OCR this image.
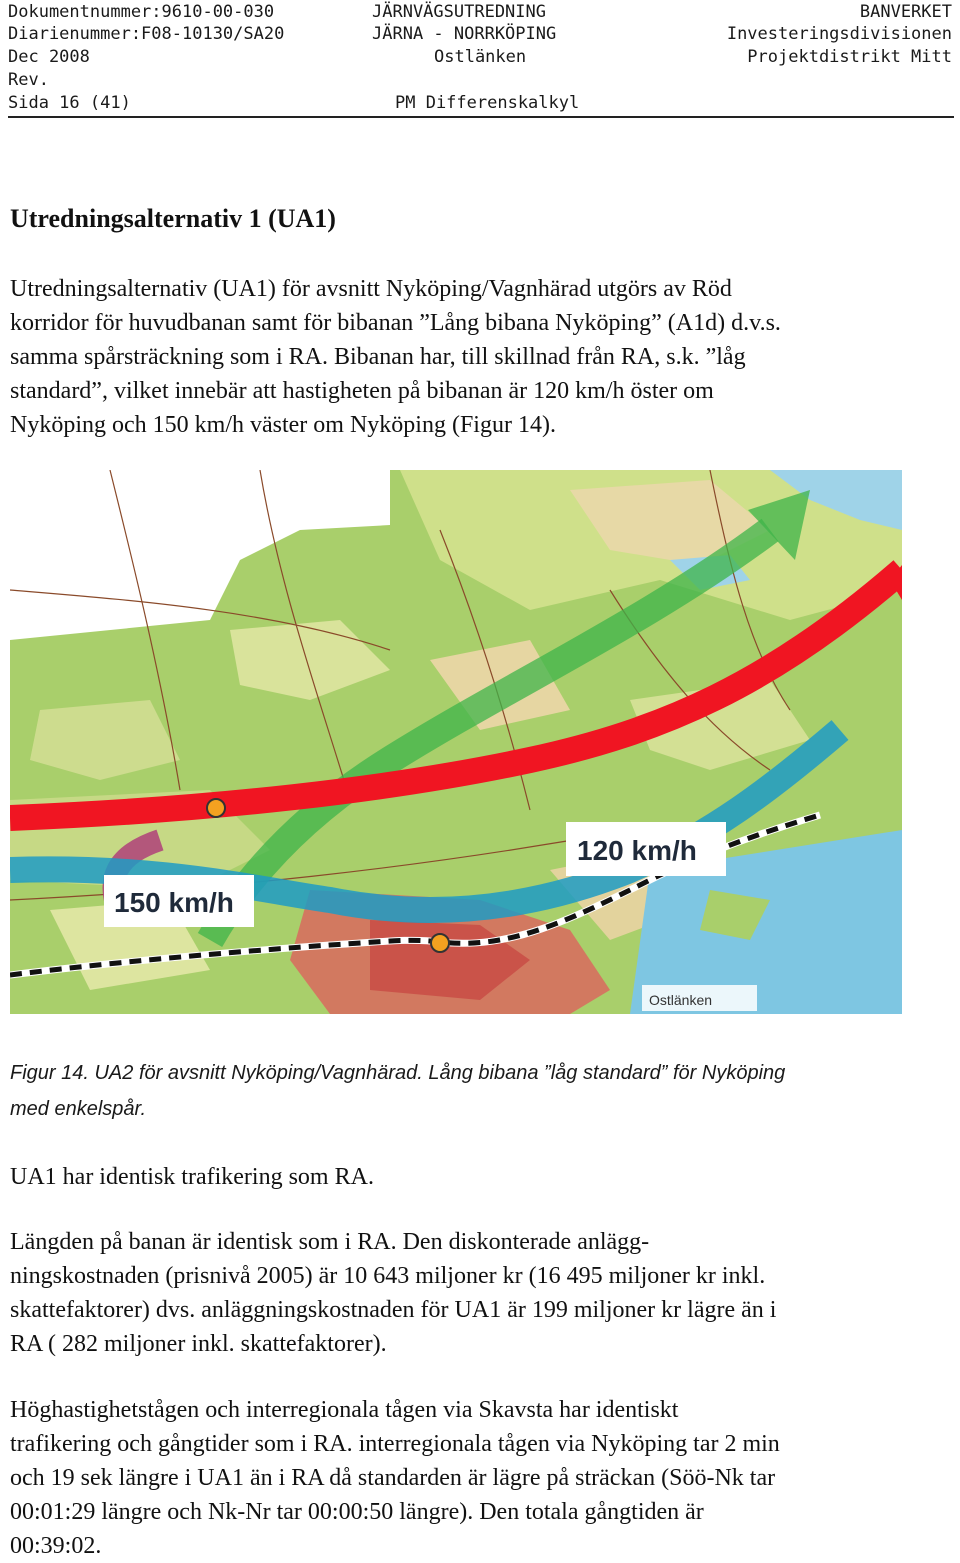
Dokumentnummer:9610-00-030
Diarienummer:F08-10130/SA20
Dec 2008
Rev.
Sida 16 (41)
JÄRNVÄGSUTREDNING
JÄRNA - NORRKÖPING
Ostlänken
PM Differenskalkyl
BANVERKET
Investeringsdivisionen
Projektdistrikt Mitt
Utredningsalternativ 1 (UA1)
Utredningsalternativ (UA1) för avsnitt Nyköping/Vagnhärad utgörs av Röd
korridor för huvudbanan samt för bibanan ”Lång bibana Nyköping” (A1d) d.v.s.
samma spårsträckning som i RA. Bibanan har, till skillnad från RA, s.k. ”låg
standard”, vilket innebär att hastigheten på bibanan är 120 km/h öster om
Nyköping och 150 km/h väster om Nyköping (Figur 14).
150 km/h
120 km/h
Ostlänken
Figur 14. UA2 för avsnitt Nyköping/Vagnhärad. Lång bibana ”låg standard” för Nyköping
med enkelspår.
UA1 har identisk trafikering som RA.
Längden på banan är identisk som i RA. Den diskonterade anlägg-
ningskostnaden (prisnivå 2005) är 10 643 miljoner kr (16 495 miljoner kr inkl.
skattefaktorer) dvs. anläggningskostnaden för UA1 är 199 miljoner kr lägre än i
RA ( 282 miljoner inkl. skattefaktorer).
Höghastighetstågen och interregionala tågen via Skavsta har identiskt
trafikering och gångtider som i RA. interregionala tågen via Nyköping tar 2 min
och 19 sek längre i UA1 än i RA då standarden är lägre på sträckan (Söö-Nk tar
00:01:29 längre och Nk-Nr tar 00:00:50 längre). Den totala gångtiden är
00:39:02.
